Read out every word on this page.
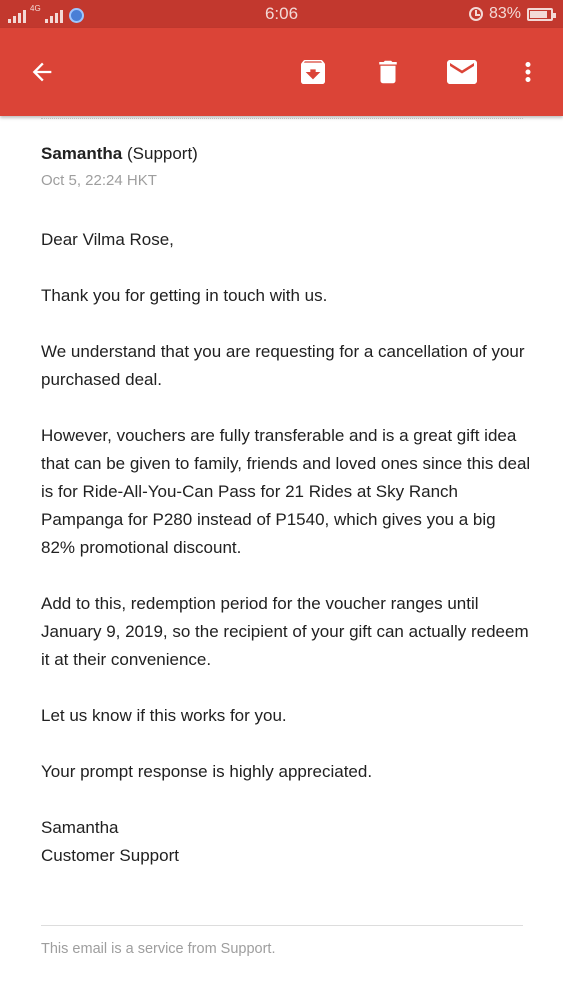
4G	6:06	83%
Samantha (Support)
Oct 5, 22:24 HKT

Dear Vilma Rose,

Thank you for getting in touch with us.

We understand that you are requesting for a cancellation of your purchased deal.

However, vouchers are fully transferable and is a great gift idea that can be given to family, friends and loved ones since this deal is for Ride-All-You-Can Pass for 21 Rides at Sky Ranch Pampanga for P280 instead of P1540, which gives you a big 82% promotional discount.

Add to this, redemption period for the voucher ranges until January 9, 2019, so the recipient of your gift can actually redeem it at their convenience.

Let us know if this works for you.

Your prompt response is highly appreciated.

Samantha

Customer Support

This email is a service from Support.
